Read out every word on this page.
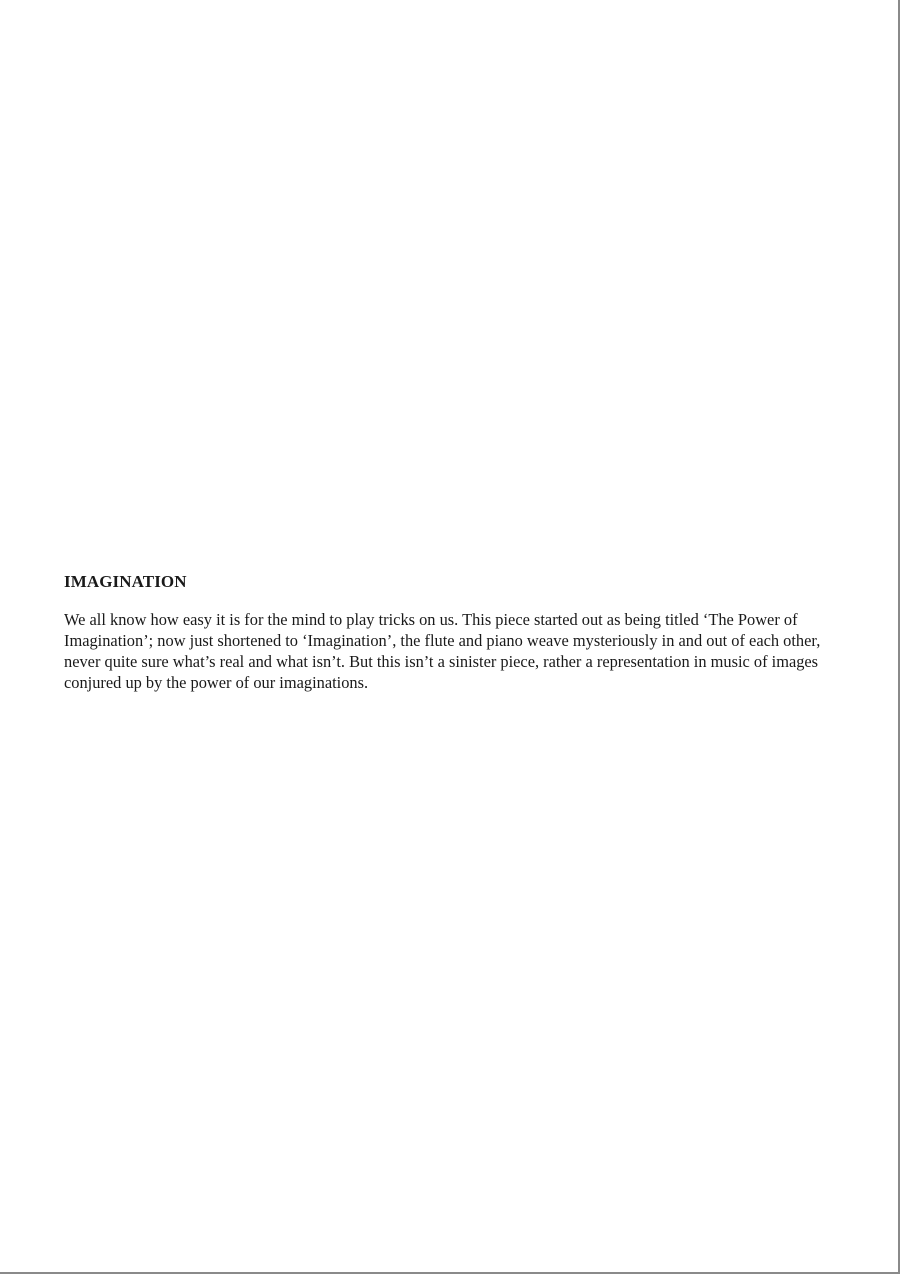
IMAGINATION

We all know how easy it is for the mind to play tricks on us. This piece started out as being titled ‘The Power of Imagination’; now just shortened to ‘Imagination’, the flute and piano weave mysteriously in and out of each other, never quite sure what’s real and what isn’t. But this isn’t a sinister piece, rather a representation in music of images conjured up by the power of our imaginations.
